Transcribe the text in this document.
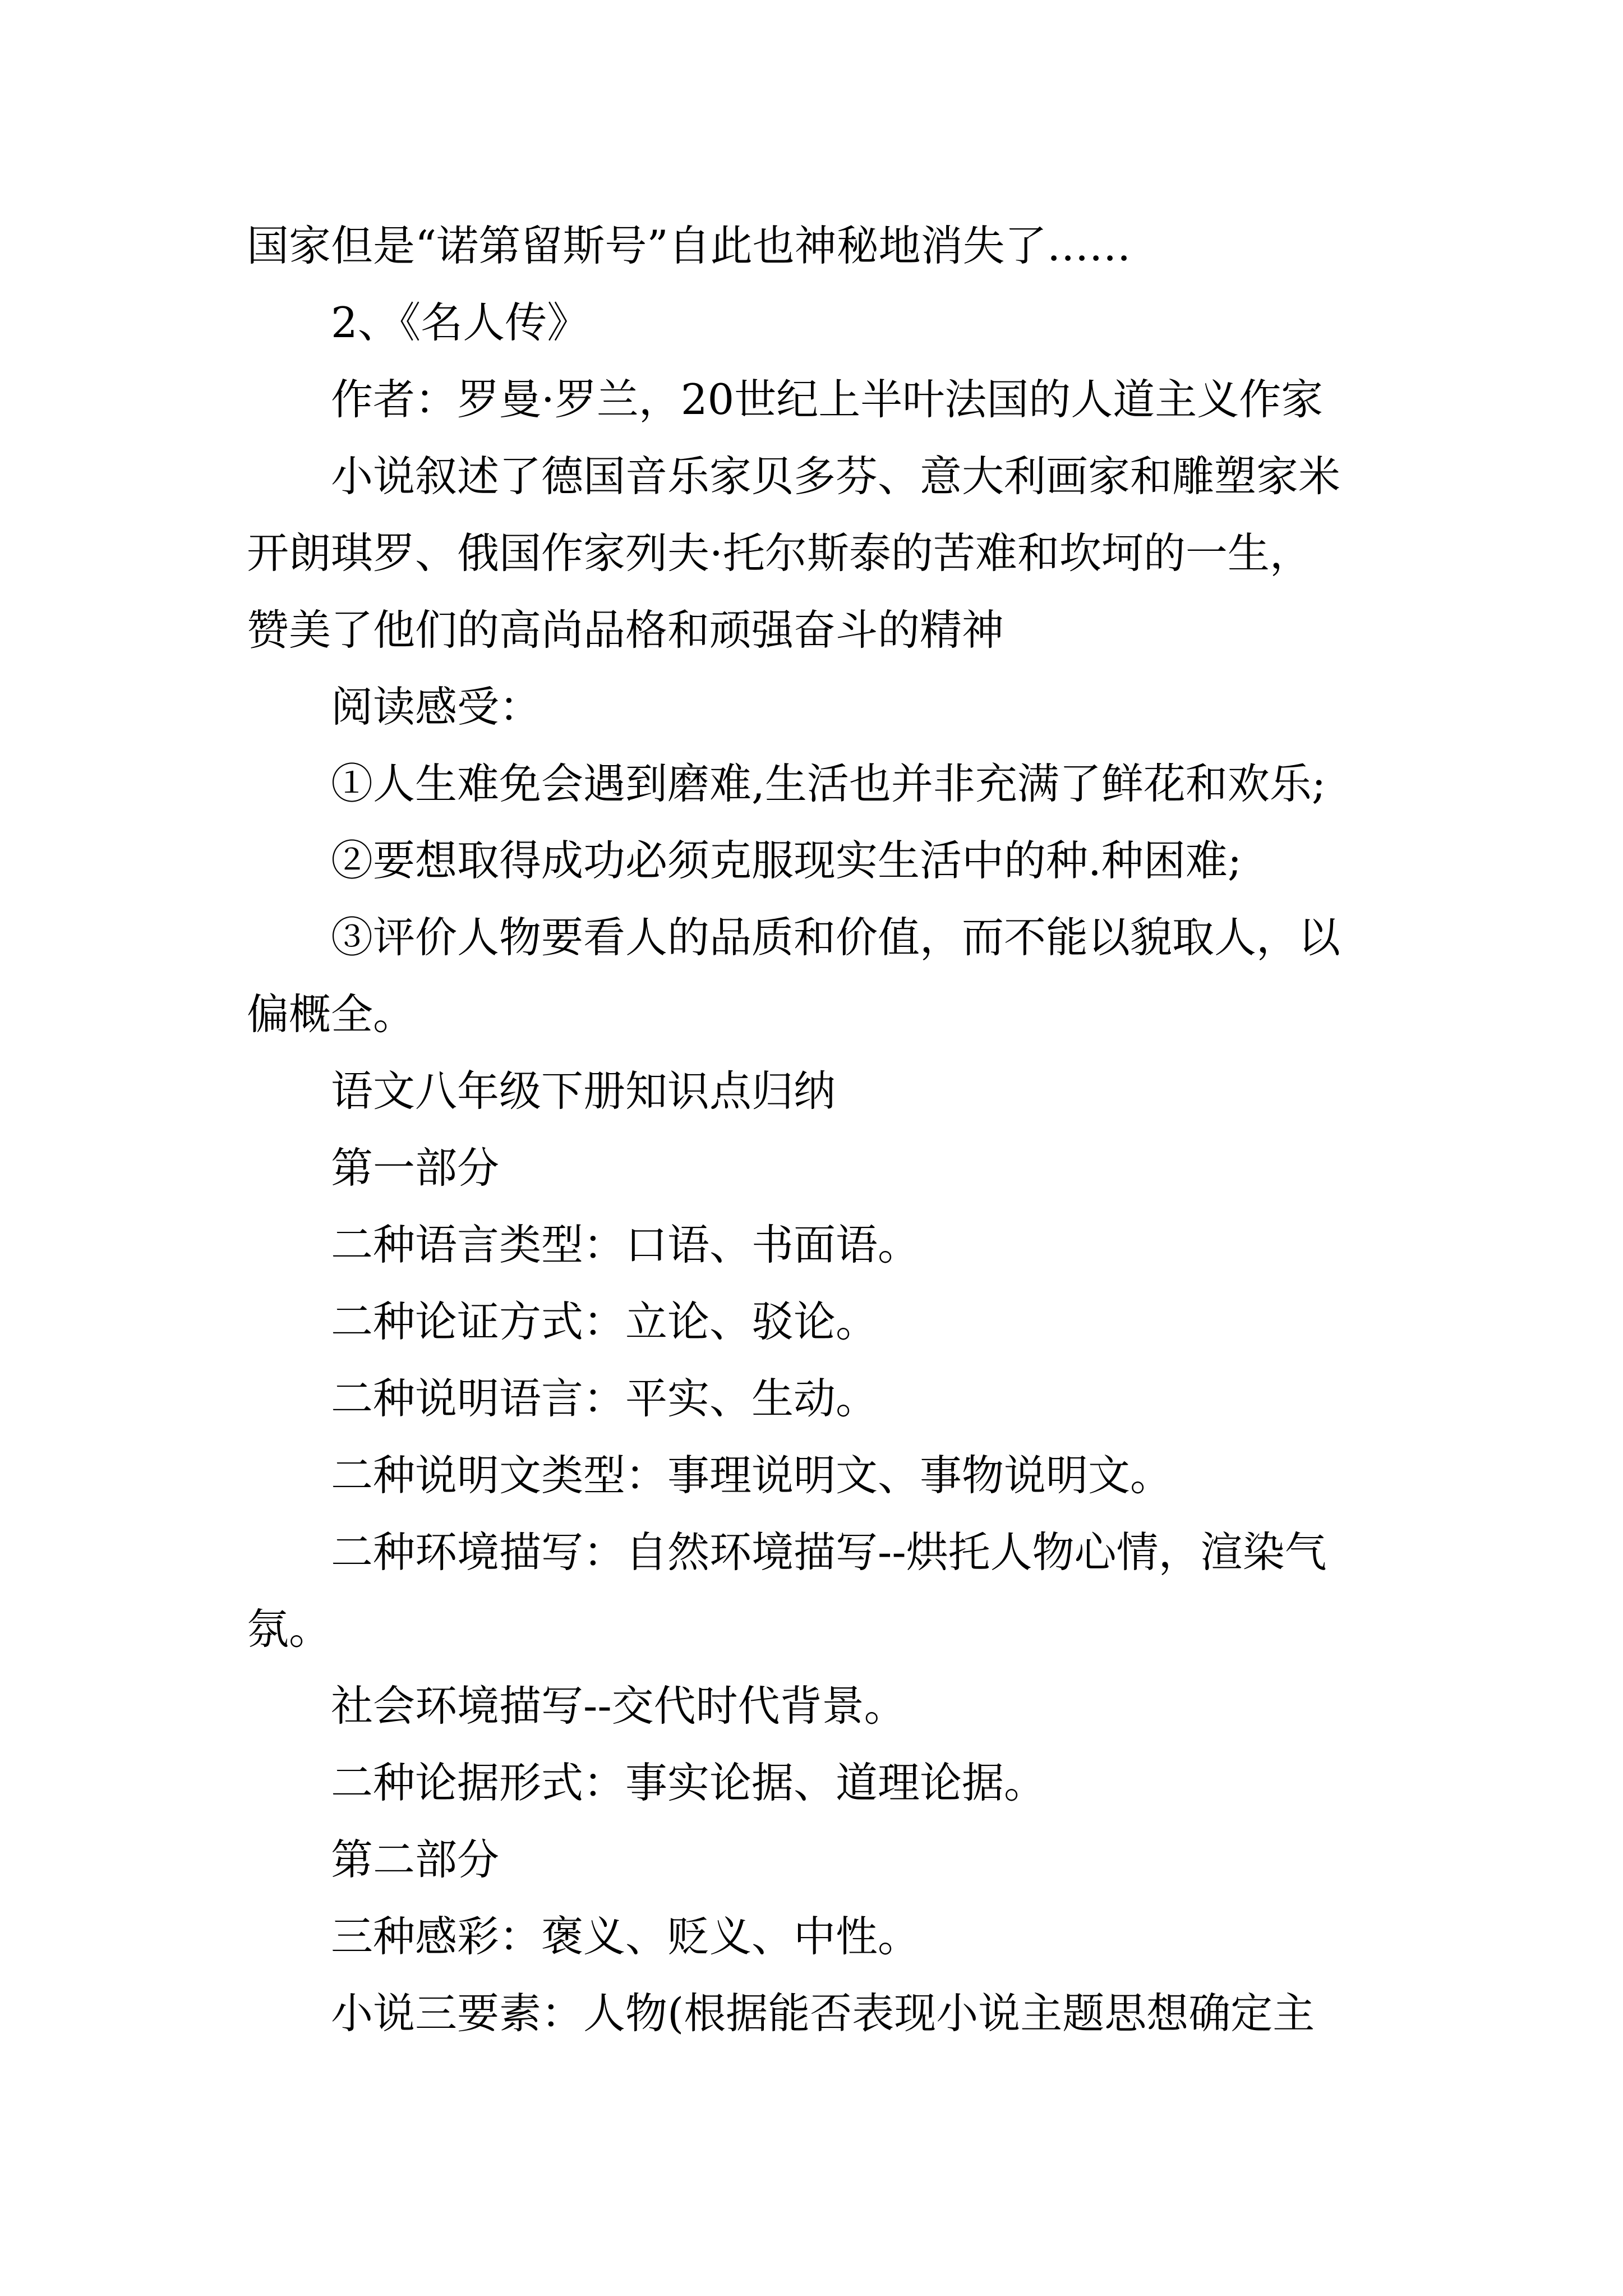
国家但是“诺第留斯号”自此也神秘地消失了……
2、《名人传》
作者：罗曼·罗兰，20世纪上半叶法国的人道主义作家
小说叙述了德国音乐家贝多芬、意大利画家和雕塑家米
开朗琪罗、俄国作家列夫·托尔斯泰的苦难和坎坷的一生，
赞美了他们的高尚品格和顽强奋斗的精神
阅读感受：
①人生难免会遇到磨难,生活也并非充满了鲜花和欢乐;
②要想取得成功必须克服现实生活中的种.种困难;
③评价人物要看人的品质和价值，而不能以貌取人，以
偏概全。
语文八年级下册知识点归纳
第一部分
二种语言类型：口语、书面语。
二种论证方式：立论、驳论。
二种说明语言：平实、生动。
二种说明文类型：事理说明文、事物说明文。
二种环境描写：自然环境描写--烘托人物心情，渲染气
氛。
社会环境描写--交代时代背景。
二种论据形式：事实论据、道理论据。
第二部分
三种感彩：褒义、贬义、中性。
小说三要素：人物(根据能否表现小说主题思想确定主
